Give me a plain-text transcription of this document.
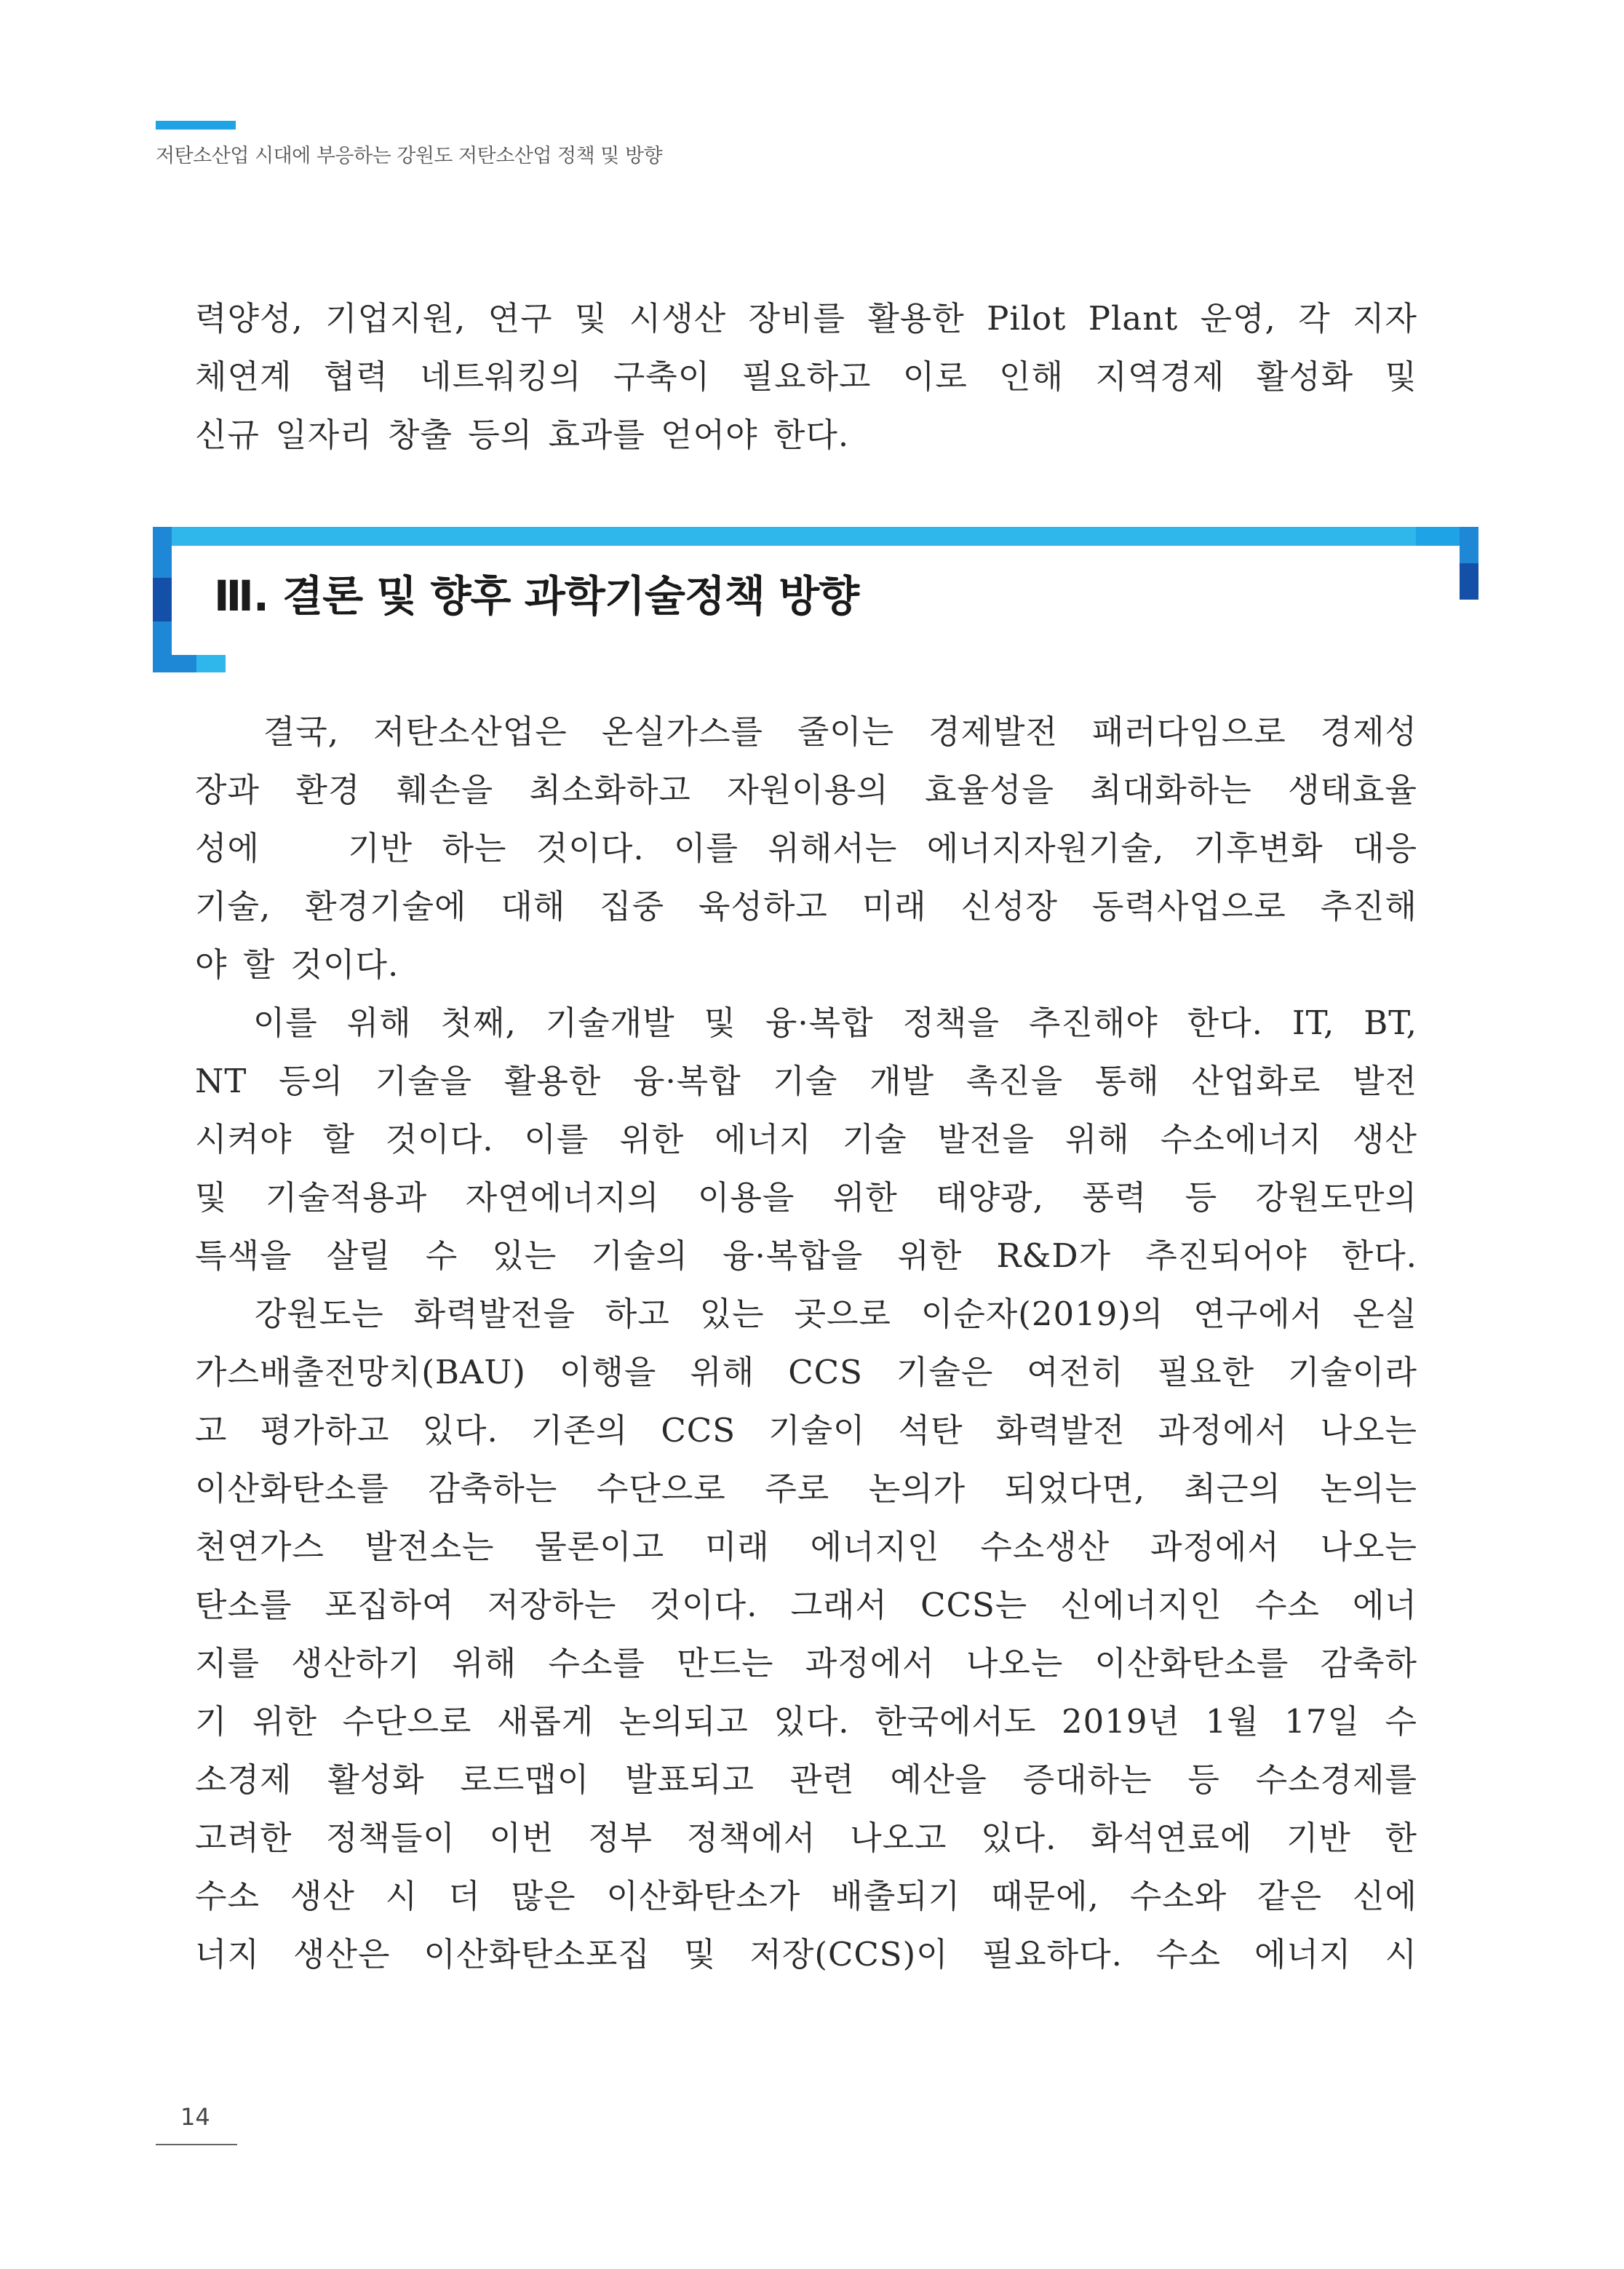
저탄소산업 시대에 부응하는 강원도 저탄소산업 정책 및 방향
력양성, 기업지원, 연구 및 시생산 장비를 활용한 Pilot Plant 운영, 각 지자
체연계 협력 네트워킹의 구축이 필요하고 이로 인해 지역경제 활성화 및
신규 일자리 창출 등의 효과를 얻어야 한다.
Ⅲ. 결론 및 향후 과학기술정책 방향
결국, 저탄소산업은 온실가스를 줄이는 경제발전 패러다임으로 경제성
장과 환경 훼손을 최소화하고 자원이용의 효율성을 최대화하는 생태효율
성에   기반 하는 것이다. 이를 위해서는 에너지자원기술, 기후변화 대응
기술, 환경기술에 대해 집중 육성하고 미래 신성장 동력사업으로 추진해
야 할 것이다.
이를 위해 첫째, 기술개발 및 융·복합 정책을 추진해야 한다. IT, BT,
NT 등의 기술을 활용한 융·복합 기술 개발 촉진을 통해 산업화로 발전
시켜야 할 것이다. 이를 위한 에너지 기술 발전을 위해 수소에너지 생산
및 기술적용과 자연에너지의 이용을 위한 태양광, 풍력 등 강원도만의
특색을 살릴 수 있는 기술의 융·복합을 위한 R&D가 추진되어야 한다.
강원도는 화력발전을 하고 있는 곳으로 이순자(2019)의 연구에서 온실
가스배출전망치(BAU) 이행을 위해 CCS 기술은 여전히 필요한 기술이라
고 평가하고 있다. 기존의 CCS 기술이 석탄 화력발전 과정에서 나오는
이산화탄소를 감축하는 수단으로 주로 논의가 되었다면, 최근의 논의는
천연가스 발전소는 물론이고 미래 에너지인 수소생산 과정에서 나오는
탄소를 포집하여 저장하는 것이다. 그래서 CCS는 신에너지인 수소 에너
지를 생산하기 위해 수소를 만드는 과정에서 나오는 이산화탄소를 감축하
기 위한 수단으로 새롭게 논의되고 있다. 한국에서도 2019년 1월 17일 수
소경제 활성화 로드맵이 발표되고 관련 예산을 증대하는 등 수소경제를
고려한 정책들이 이번 정부 정책에서 나오고 있다. 화석연료에 기반 한
수소 생산 시 더 많은 이산화탄소가 배출되기 때문에, 수소와 같은 신에
너지 생산은 이산화탄소포집 및 저장(CCS)이 필요하다. 수소 에너지 시
14
